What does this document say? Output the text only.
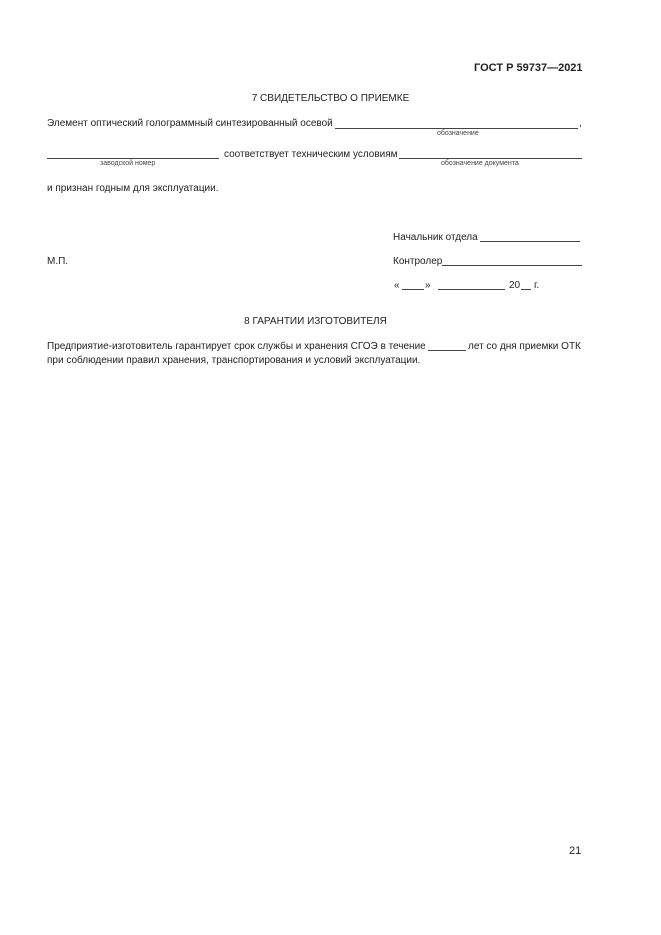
ГОСТ Р 59737—2021
7 СВИДЕТЕЛЬСТВО О ПРИЕМКЕ
Элемент оптический голограммный синтезированный осевой	,
обозначение
соответствует техническим условиям
заводской номер	обозначение документа
и признан годным для эксплуатации.
Начальник отдела
М.П.	Контролер
«	»	20 г.
8 ГАРАНТИИ ИЗГОТОВИТЕЛЯ
Предприятие-изготовитель гарантирует срок службы и хранения СГОЭ в течение	лет со дня приемки ОТК
при соблюдении правил хранения, транспортирования и условий эксплуатации.
21
